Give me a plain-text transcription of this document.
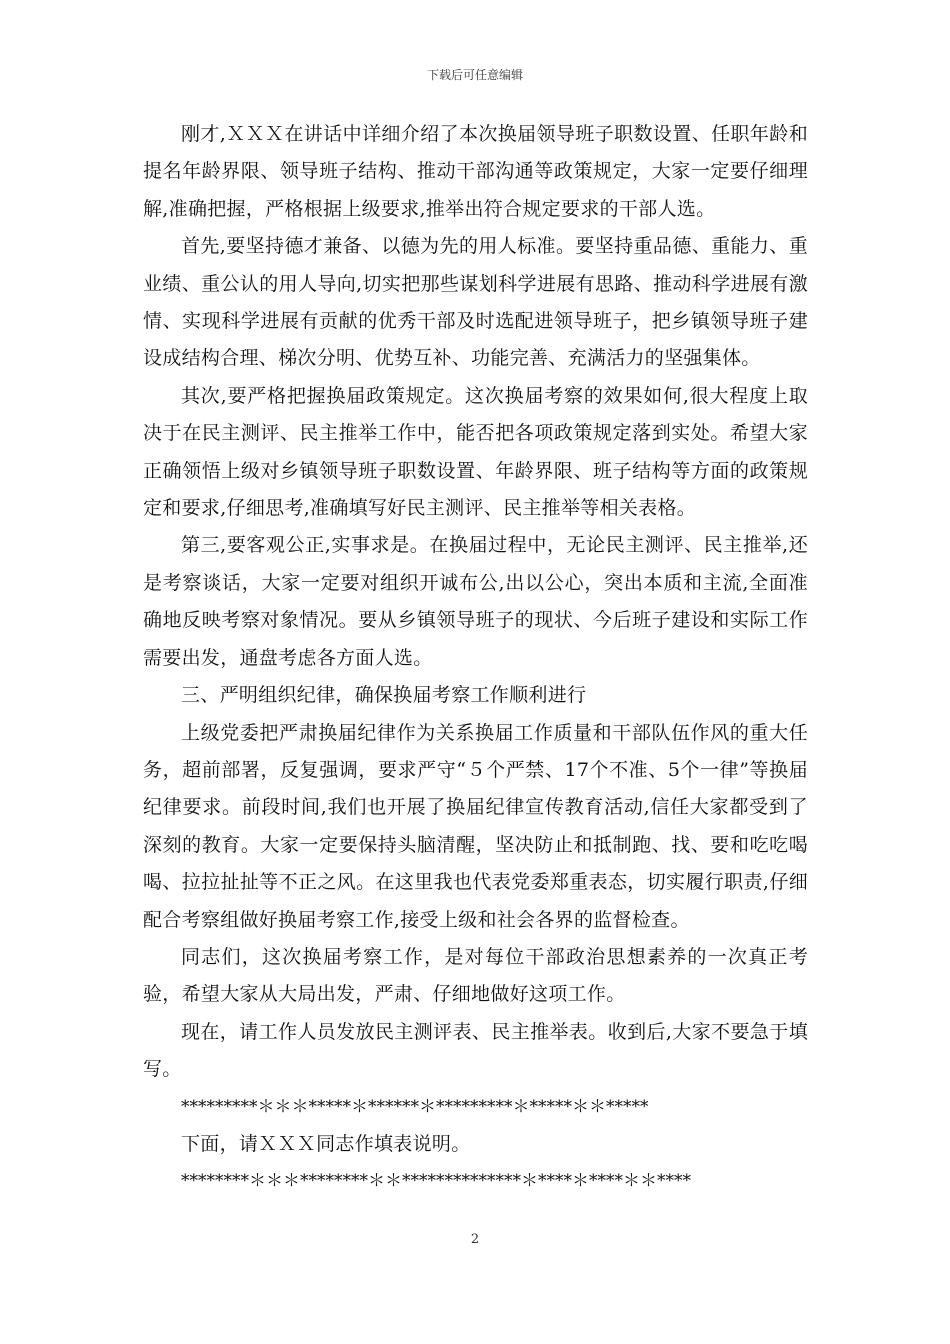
下载后可任意编辑

刚才,ＸＸＸ在讲话中详细介绍了本次换届领导班子职数设置、任职年龄和提名年龄界限、领导班子结构、推动干部沟通等政策规定，大家一定要仔细理解,准确把握，严格根据上级要求,推举出符合规定要求的干部人选。

首先,要坚持德才兼备、以德为先的用人标准。要坚持重品德、重能力、重业绩、重公认的用人导向,切实把那些谋划科学进展有思路、推动科学进展有激情、实现科学进展有贡献的优秀干部及时选配进领导班子，把乡镇领导班子建设成结构合理、梯次分明、优势互补、功能完善、充满活力的坚强集体。

其次,要严格把握换届政策规定。这次换届考察的效果如何,很大程度上取决于在民主测评、民主推举工作中，能否把各项政策规定落到实处。希望大家正确领悟上级对乡镇领导班子职数设置、年龄界限、班子结构等方面的政策规定和要求,仔细思考,准确填写好民主测评、民主推举等相关表格。

第三,要客观公正,实事求是。在换届过程中，无论民主测评、民主推举,还是考察谈话，大家一定要对组织开诚布公,出以公心，突出本质和主流,全面准确地反映考察对象情况。要从乡镇领导班子的现状、今后班子建设和实际工作需要出发，通盘考虑各方面人选。

三、严明组织纪律，确保换届考察工作顺利进行

上级党委把严肃换届纪律作为关系换届工作质量和干部队伍作风的重大任务，超前部署，反复强调，要求严守“５个严禁、17个不准、5个一律”等换届纪律要求。前段时间,我们也开展了换届纪律宣传教育活动,信任大家都受到了深刻的教育。大家一定要保持头脑清醒，坚决防止和抵制跑、找、要和吃吃喝喝、拉拉扯扯等不正之风。在这里我也代表党委郑重表态，切实履行职责,仔细配合考察组做好换届考察工作,接受上级和社会各界的监督检查。

同志们，这次换届考察工作，是对每位干部政治思想素养的一次真正考验，希望大家从大局出发，严肃、仔细地做好这项工作。

现在，请工作人员发放民主测评表、民主推举表。收到后,大家不要急于填写。

*********＊＊＊*****＊******＊*********＊*****＊＊*****

下面，请ＸＸＸ同志作填表说明。

********＊＊＊********＊＊**************＊****＊****＊＊****

2
